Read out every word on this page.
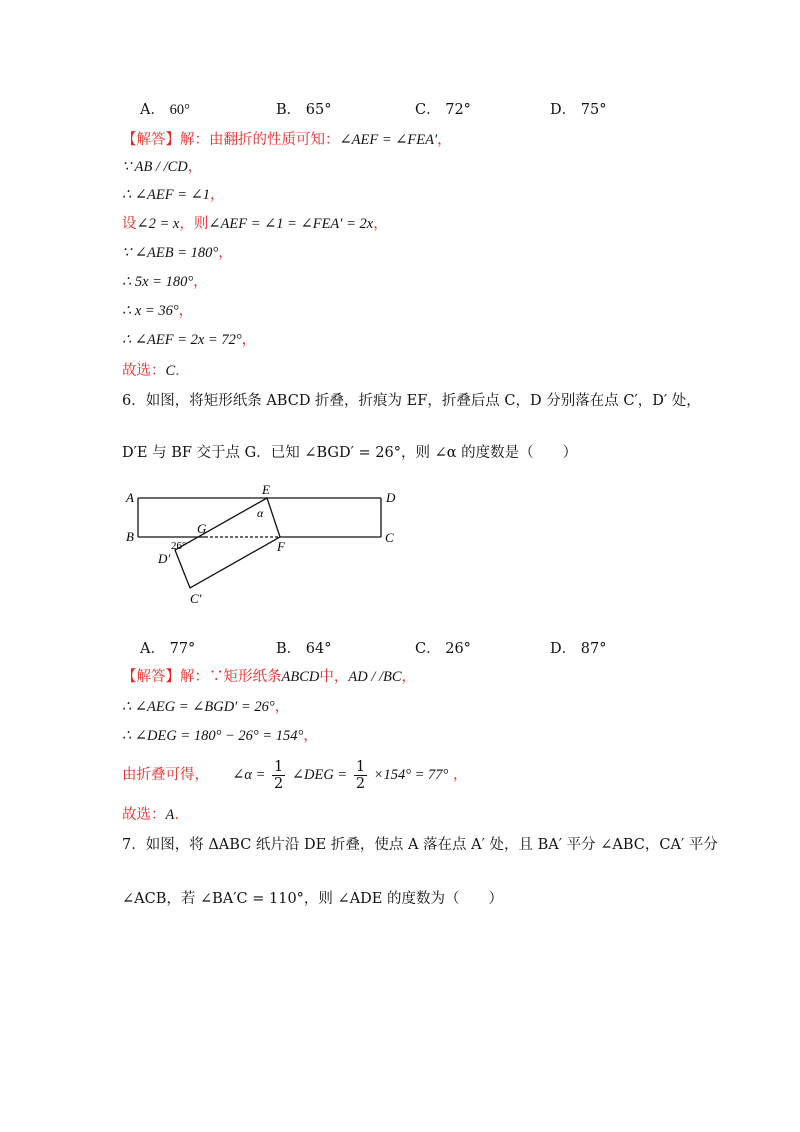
A． 60°	B． 65°	C． 72°	D． 75°
【解答】解：由翻折的性质可知：∠AEF = ∠FEA′，
∵ AB / /CD，
∴ ∠AEF = ∠1，
设∠2 = x，则∠AEF = ∠1 = ∠FEA′ = 2x，
∵ ∠AEB = 180°，
∴ 5x = 180°，
∴ x = 36°，
∴ ∠AEF = 2x = 72°，
故选：C．
6．如图，将矩形纸条 ABCD 折叠，折痕为 EF，折叠后点 C，D 分别落在点 C′，D′ 处，
D′E 与 BF 交于点 G．已知 ∠BGD′ = 26°，则 ∠α 的度数是（　　）
A
B
D
C
E
F
G
D′
C′
α
26°
A． 77°	B． 64°	C． 26°	D． 87°
【解答】解：∵矩形纸条ABCD中，AD / /BC，
∴ ∠AEG = ∠BGD′ = 26°，
∴ ∠DEG = 180° − 26° = 154°，
由折叠可得， ∠α = $\frac{1}{2}$ ∠DEG = $\frac{1}{2} \times 154^\circ = 77^\circ$ ，
故选：A．
7．如图，将 ΔABC 纸片沿 DE 折叠，使点 A 落在点 A′ 处，且 BA′ 平分 ∠ABC，CA′ 平分
∠ACB，若 ∠BA′C = 110°，则 ∠ADE 的度数为（　　）
